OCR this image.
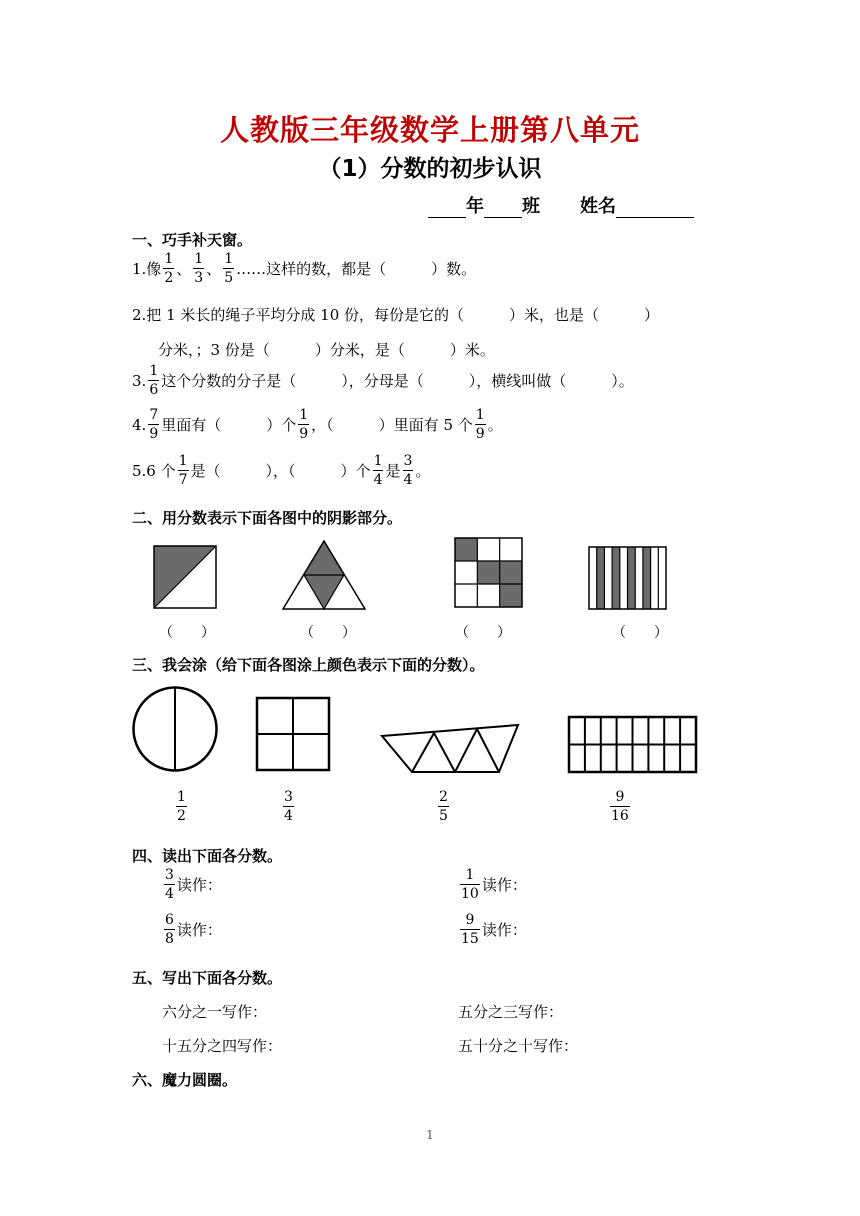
人教版三年级数学上册第八单元
（1）分数的初步认识
年 班 姓名
一、巧手补天窗。
1.像 $\frac{1}{2}$ 、 $\frac{1}{3}$ 、 $\frac{1}{5}$ ……这样的数，都是（　　　）数。
2.把 1 米长的绳子平均分成 10 份，每份是它的（　　　）米，也是（　　　）
分米，；3 份是（　　　）分米，是（　　　）米。
3. $\frac{1}{6}$ 这个分数的分子是（　　　），分母是（　　　），横线叫做（　　　）。
4. $\frac{7}{9}$ 里面有（　　　）个 $\frac{1}{9}$ ，（　　　）里面有 5 个 $\frac{1}{9}$ 。
5.6 个 $\frac{1}{7}$ 是（　　　），（　　　）个 $\frac{1}{4}$ 是 $\frac{3}{4}$ 。
二、用分数表示下面各图中的阴影部分。
（　　）	（　　）	（　　）	（　　）
三、我会涂（给下面各图涂上颜色表示下面的分数）。
$\frac{1}{2}$	$\frac{3}{4}$	$\frac{2}{5}$	$\frac{9}{16}$
四、读出下面各分数。
$\frac{3}{4}$ 读作：	$\frac{1}{10}$ 读作：
$\frac{6}{8}$ 读作：	$\frac{9}{15}$ 读作：
五、写出下面各分数。
六分之一写作：	五分之三写作：
十五分之四写作：	五十分之十写作：
六、魔力圆圈。
1
